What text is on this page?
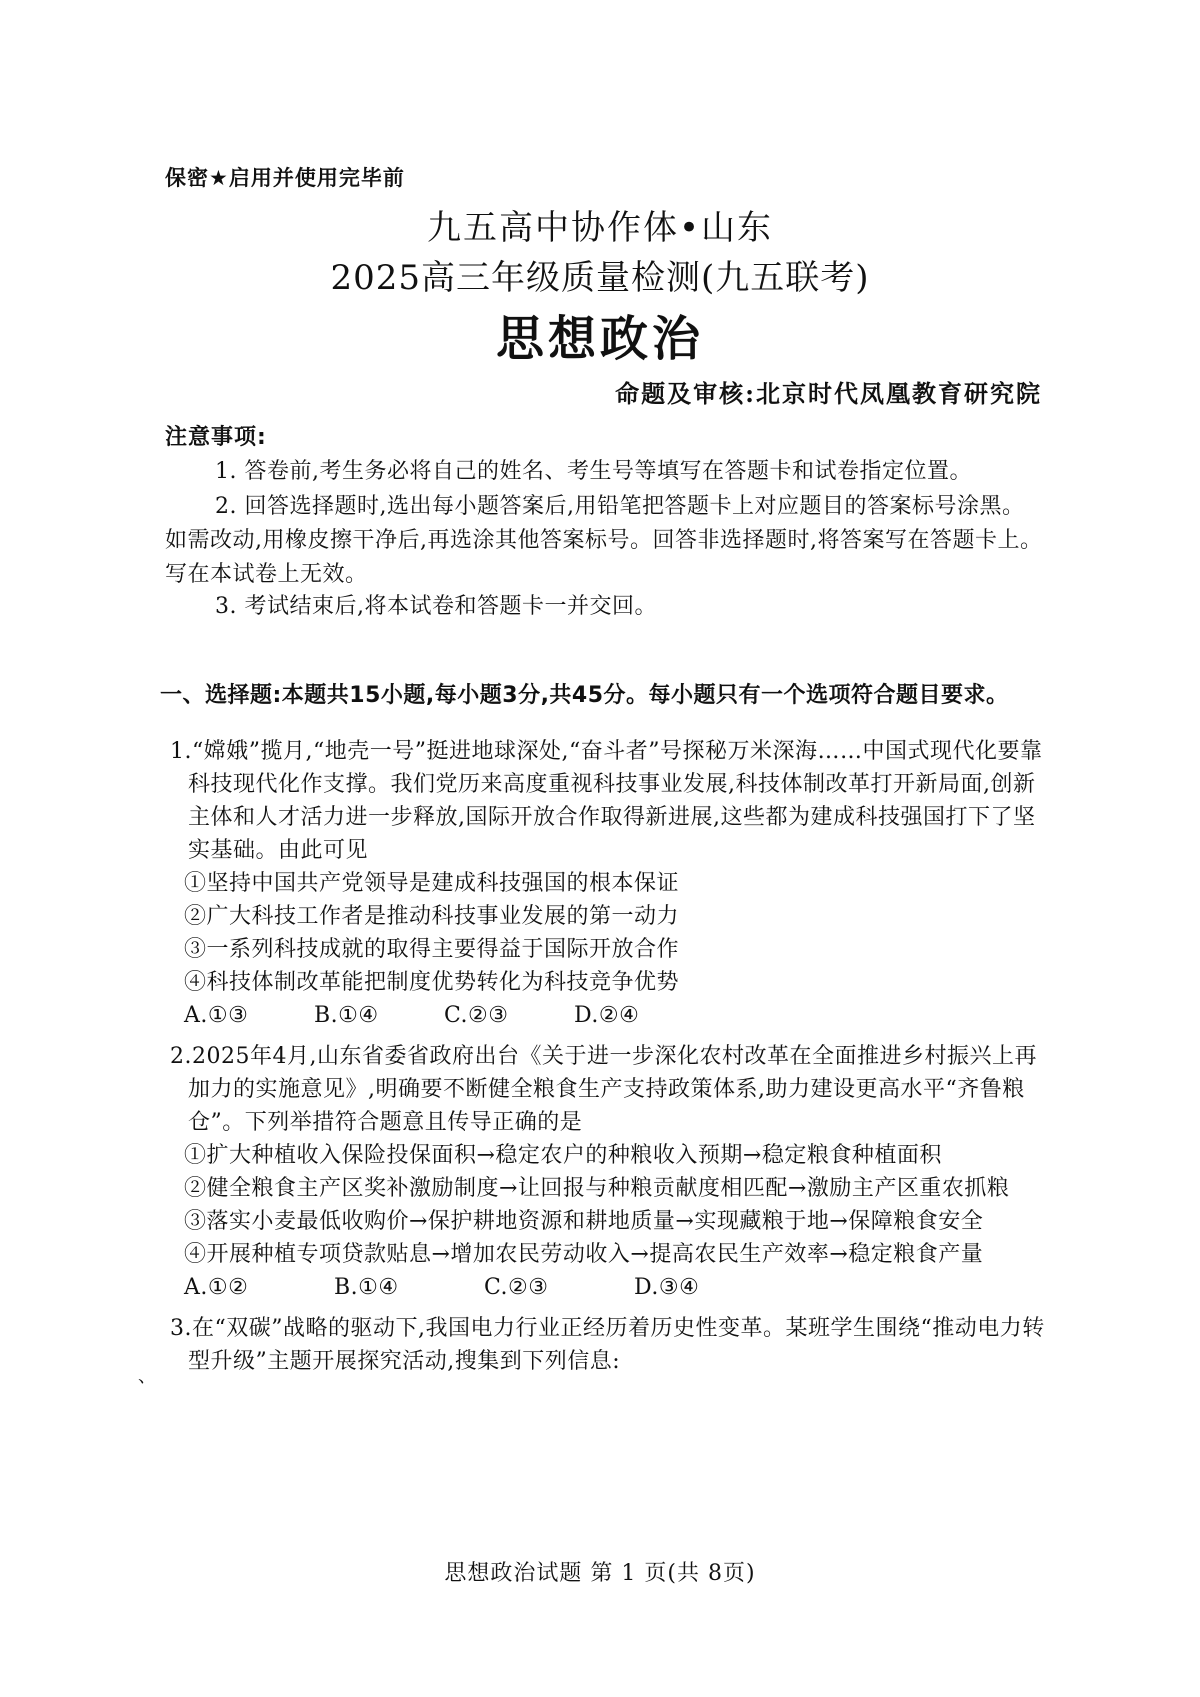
保密★启用并使用完毕前
九五高中协作体•山东
2025高三年级质量检测(九五联考)
思想政治
命题及审核:北京时代凤凰教育研究院
注意事项:
1. 答卷前,考生务必将自己的姓名、考生号等填写在答题卡和试卷指定位置。
2. 回答选择题时,选出每小题答案后,用铅笔把答题卡上对应题目的答案标号涂黑。如需改动,用橡皮擦干净后,再选涂其他答案标号。回答非选择题时,将答案写在答题卡上。写在本试卷上无效。
3. 考试结束后,将本试卷和答题卡一并交回。
一、选择题:本题共15小题,每小题3分,共45分。每小题只有一个选项符合题目要求。

1.“嫦娥”揽月,“地壳一号”挺进地球深处,“奋斗者”号探秘万米深海……中国式现代化要靠科技现代化作支撑。我们党历来高度重视科技事业发展,科技体制改革打开新局面,创新主体和人才活力进一步释放,国际开放合作取得新进展,这些都为建成科技强国打下了坚实基础。由此可见

①坚持中国共产党领导是建成科技强国的根本保证

②广大科技工作者是推动科技事业发展的第一动力

③一系列科技成就的取得主要得益于国际开放合作

④科技体制改革能把制度优势转化为科技竞争优势

A.①③	B.①④	C.②③	D.②④

2.2025年4月,山东省委省政府出台《关于进一步深化农村改革在全面推进乡村振兴上再加力的实施意见》,明确要不断健全粮食生产支持政策体系,助力建设更高水平“齐鲁粮仓”。下列举措符合题意且传导正确的是

①扩大种植收入保险投保面积→稳定农户的种粮收入预期→稳定粮食种植面积

②健全粮食主产区奖补激励制度→让回报与种粮贡献度相匹配→激励主产区重农抓粮

③落实小麦最低收购价→保护耕地资源和耕地质量→实现藏粮于地→保障粮食安全

④开展种植专项贷款贴息→增加农民劳动收入→提高农民生产效率→稳定粮食产量

A.①②	B.①④	C.②③	D.③④

3.在“双碳”战略的驱动下,我国电力行业正经历着历史性变革。某班学生围绕“推动电力转型升级”主题开展探究活动,搜集到下列信息:

、
思想政治试题 第 1 页(共 8页)
